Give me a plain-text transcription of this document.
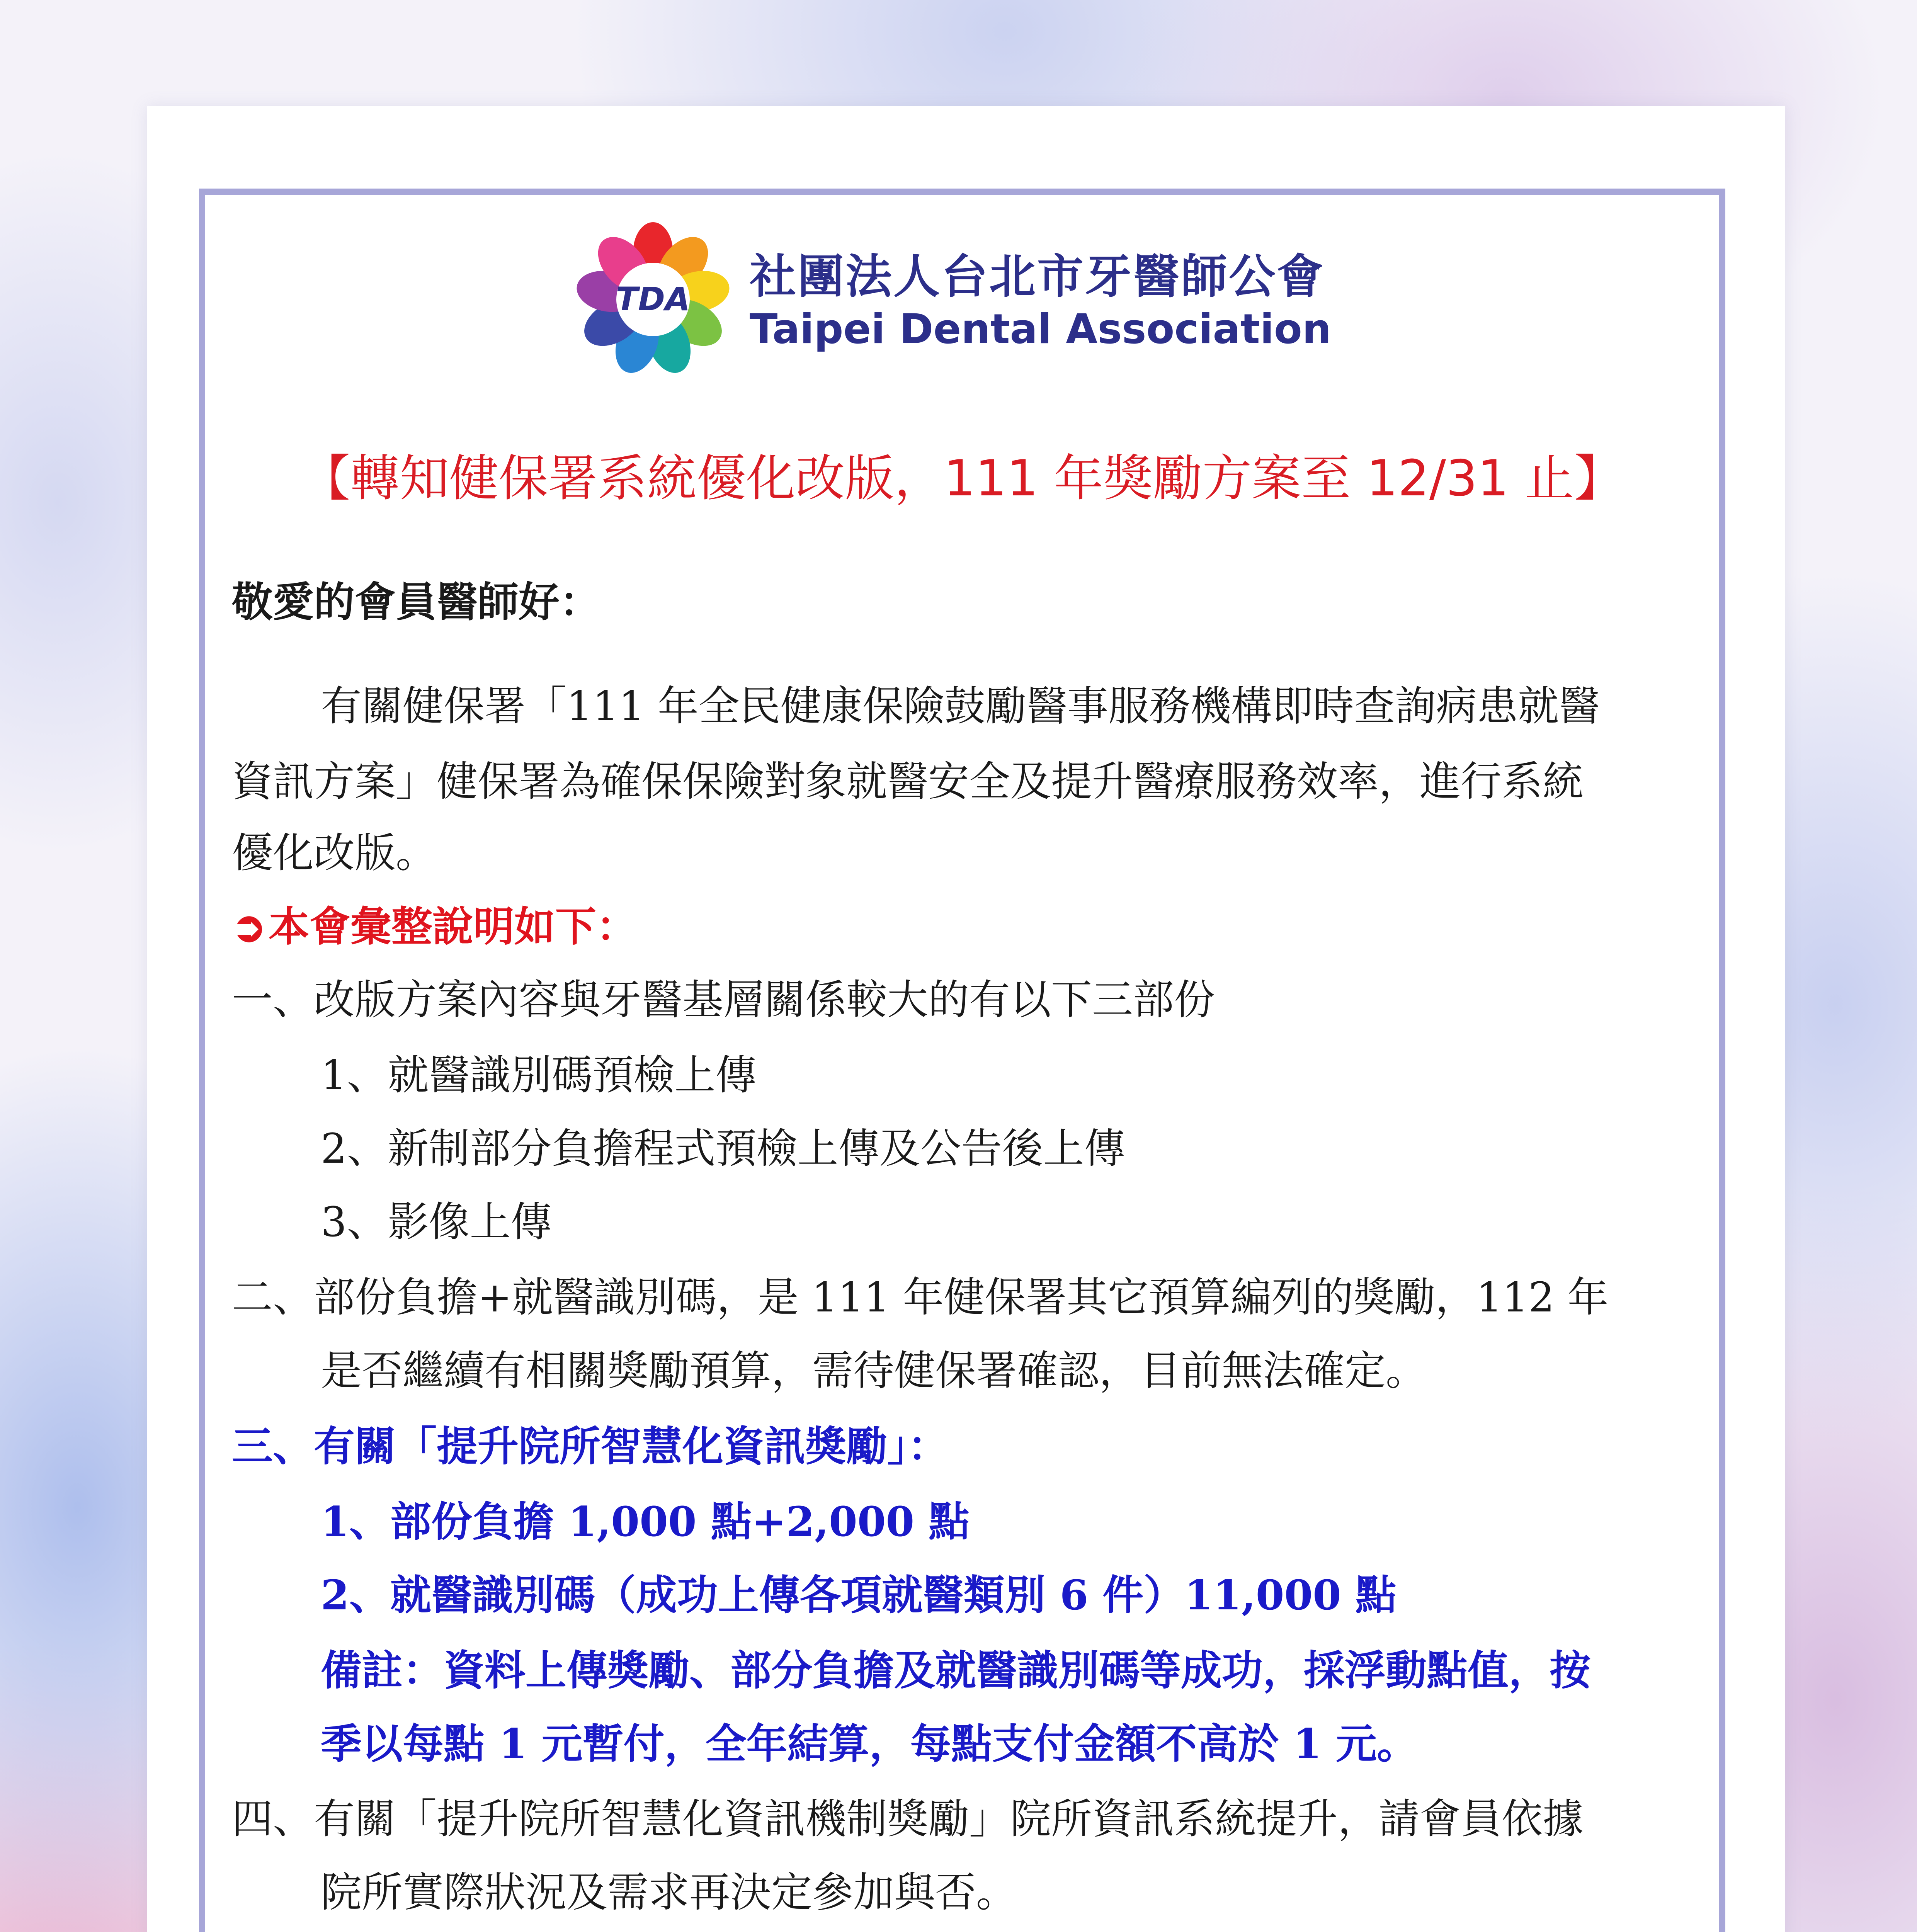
TDA 社團法人台北市牙醫師公會
Taipei Dental Association
【轉知健保署系統優化改版，111 年獎勵方案至 12/31 止】
敬愛的會員醫師好：
有關健保署「111 年全民健康保險鼓勵醫事服務機構即時查詢病患就醫
資訊方案」健保署為確保保險對象就醫安全及提升醫療服務效率，進行系統
優化改版。
➲本會彙整說明如下：
一、改版方案內容與牙醫基層關係較大的有以下三部份
1、就醫識別碼預檢上傳
2、新制部分負擔程式預檢上傳及公告後上傳
3、影像上傳
二、部份負擔+就醫識別碼，是 111 年健保署其它預算編列的獎勵，112 年
是否繼續有相關獎勵預算，需待健保署確認，目前無法確定。
三、有關「提升院所智慧化資訊獎勵」：
1、部份負擔 1,000 點+2,000 點
2、就醫識別碼（成功上傳各項就醫類別 6 件）11,000 點
備註：資料上傳獎勵、部分負擔及就醫識別碼等成功，採浮動點值，按
季以每點 1 元暫付，全年結算，每點支付金額不高於 1 元。
四、有關「提升院所智慧化資訊機制獎勵」院所資訊系統提升，請會員依據
院所實際狀況及需求再決定參加與否。
